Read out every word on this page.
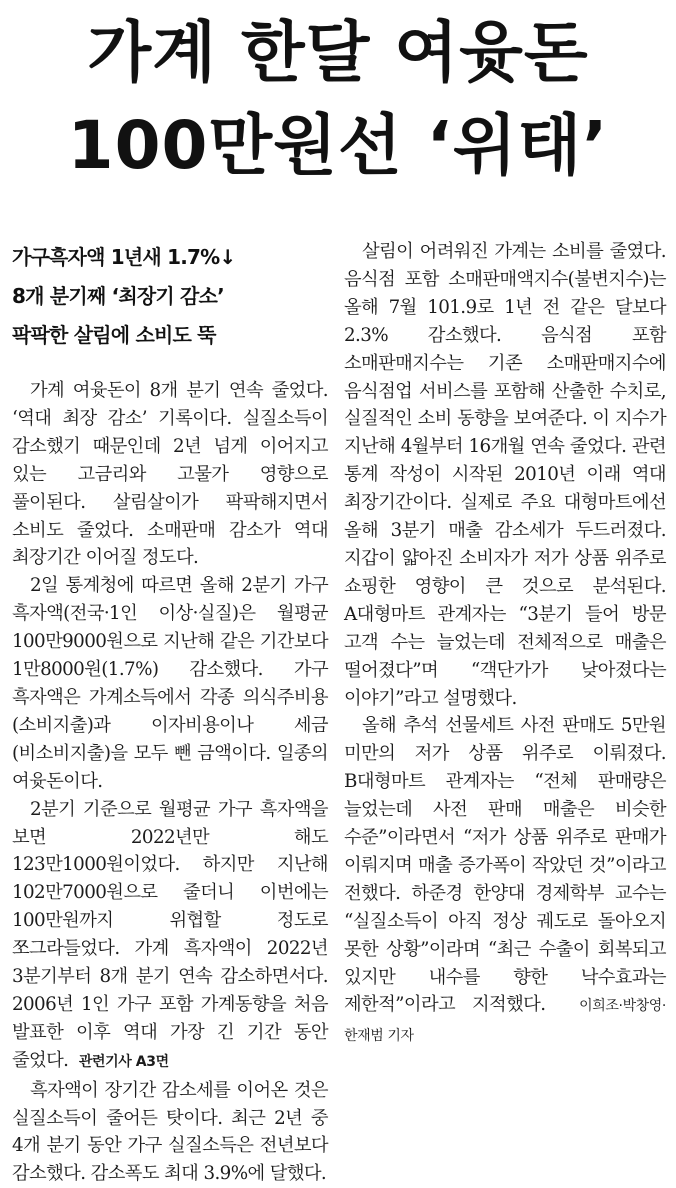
가계 한달 여윳돈
100만원선 ‘위태’
가구흑자액 1년새 1.7%↓
8개 분기째 ‘최장기 감소’
팍팍한 살림에 소비도 뚝

가계 여윳돈이 8개 분기 연속 줄었다. ‘역대 최장 감소’ 기록이다. 실질소득이 감소했기 때문인데 2년 넘게 이어지고 있는 고금리와 고물가 영향으로 풀이된다. 살림살이가 팍팍해지면서 소비도 줄었다. 소매판매 감소가 역대 최장기간 이어질 정도다.

2일 통계청에 따르면 올해 2분기 가구 흑자액(전국·1인 이상·실질)은 월평균 100만9000원으로 지난해 같은 기간보다 1만8000원(1.7%) 감소했다. 가구 흑자액은 가계소득에서 각종 의식주비용(소비지출)과 이자비용이나 세금(비소비지출)을 모두 뺀 금액이다. 일종의 여윳돈이다.

2분기 기준으로 월평균 가구 흑자액을 보면 2022년만 해도 123만1000원이었다. 하지만 지난해 102만7000원으로 줄더니 이번에는 100만원까지 위협할 정도로 쪼그라들었다. 가계 흑자액이 2022년 3분기부터 8개 분기 연속 감소하면서다. 2006년 1인 가구 포함 가계동향을 처음 발표한 이후 역대 가장 긴 기간 동안 줄었다. 관련기사 A3면

흑자액이 장기간 감소세를 이어온 것은 실질소득이 줄어든 탓이다. 최근 2년 중 4개 분기 동안 가구 실질소득은 전년보다 감소했다. 감소폭도 최대 3.9%에 달했다.

살림이 어려워진 가계는 소비를 줄였다. 음식점 포함 소매판매액지수(불변지수)는 올해 7월 101.9로 1년 전 같은 달보다 2.3% 감소했다. 음식점 포함 소매판매지수는 기존 소매판매지수에 음식점업 서비스를 포함해 산출한 수치로, 실질적인 소비 동향을 보여준다. 이 지수가 지난해 4월부터 16개월 연속 줄었다. 관련 통계 작성이 시작된 2010년 이래 역대 최장기간이다. 실제로 주요 대형마트에선 올해 3분기 매출 감소세가 두드러졌다. 지갑이 얇아진 소비자가 저가 상품 위주로 쇼핑한 영향이 큰 것으로 분석된다. A대형마트 관계자는 “3분기 들어 방문 고객 수는 늘었는데 전체적으로 매출은 떨어졌다”며 “객단가가 낮아졌다는 이야기”라고 설명했다.

올해 추석 선물세트 사전 판매도 5만원 미만의 저가 상품 위주로 이뤄졌다. B대형마트 관계자는 “전체 판매량은 늘었는데 사전 판매 매출은 비슷한 수준”이라면서 “저가 상품 위주로 판매가 이뤄지며 매출 증가폭이 작았던 것”이라고 전했다. 하준경 한양대 경제학부 교수는 “실질소득이 아직 정상 궤도로 돌아오지 못한 상황”이라며 “최근 수출이 회복되고 있지만 내수를 향한 낙수효과는 제한적”이라고 지적했다. 이희조·박창영·한재범 기자
